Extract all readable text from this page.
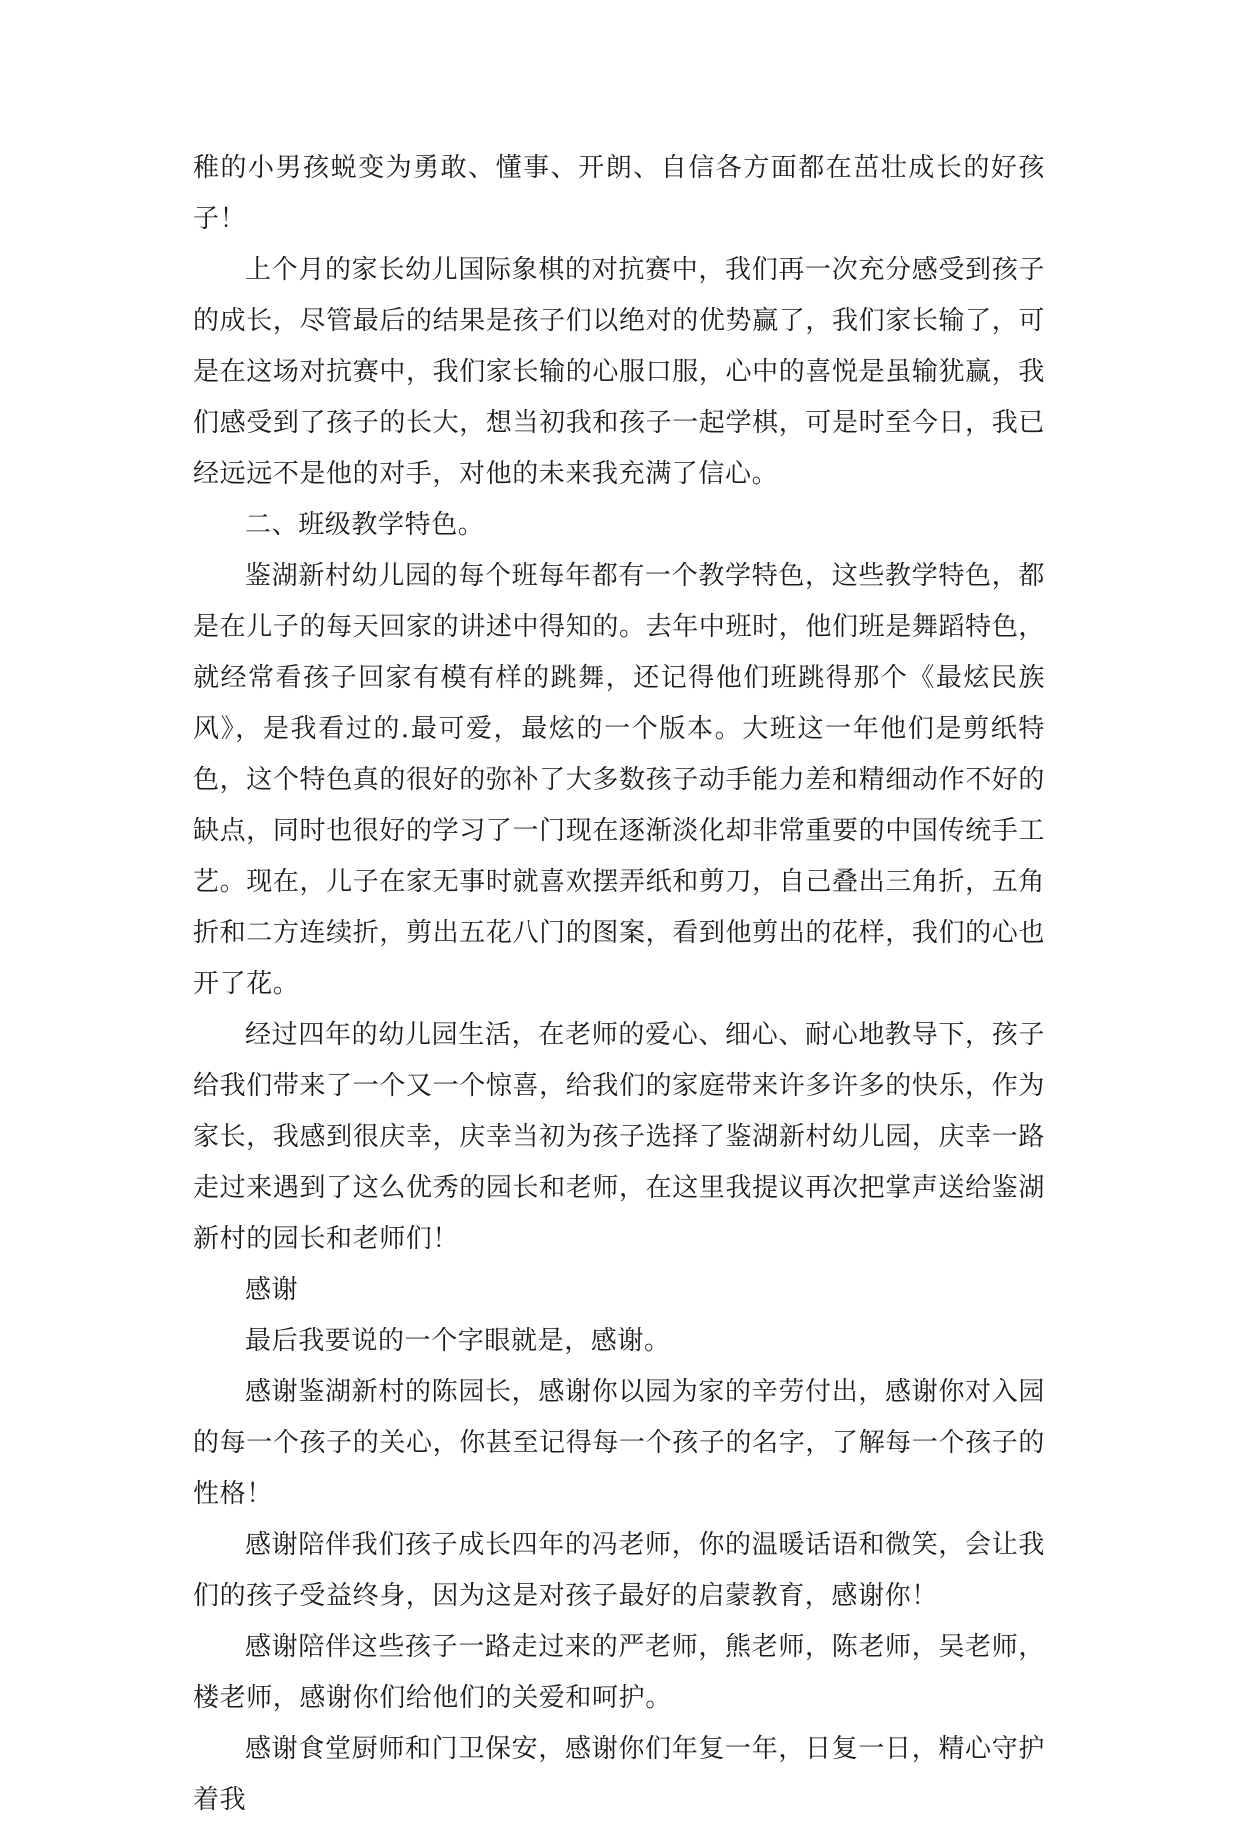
稚的小男孩蜕变为勇敢、懂事、开朗、自信各方面都在茁壮成长的好孩子！

上个月的家长幼儿国际象棋的对抗赛中，我们再一次充分感受到孩子的成长，尽管最后的结果是孩子们以绝对的优势赢了，我们家长输了，可是在这场对抗赛中，我们家长输的心服口服，心中的喜悦是虽输犹赢，我们感受到了孩子的长大，想当初我和孩子一起学棋，可是时至今日，我已经远远不是他的对手，对他的未来我充满了信心。

二、班级教学特色。

鉴湖新村幼儿园的每个班每年都有一个教学特色，这些教学特色，都是在儿子的每天回家的讲述中得知的。去年中班时，他们班是舞蹈特色，就经常看孩子回家有模有样的跳舞，还记得他们班跳得那个《最炫民族风》，是我看过的.最可爱，最炫的一个版本。大班这一年他们是剪纸特色，这个特色真的很好的弥补了大多数孩子动手能力差和精细动作不好的缺点，同时也很好的学习了一门现在逐渐淡化却非常重要的中国传统手工艺。现在，儿子在家无事时就喜欢摆弄纸和剪刀，自己叠出三角折，五角折和二方连续折，剪出五花八门的图案，看到他剪出的花样，我们的心也开了花。

经过四年的幼儿园生活，在老师的爱心、细心、耐心地教导下，孩子给我们带来了一个又一个惊喜，给我们的家庭带来许多许多的快乐，作为家长，我感到很庆幸，庆幸当初为孩子选择了鉴湖新村幼儿园，庆幸一路走过来遇到了这么优秀的园长和老师，在这里我提议再次把掌声送给鉴湖新村的园长和老师们！

感谢

最后我要说的一个字眼就是，感谢。

感谢鉴湖新村的陈园长，感谢你以园为家的辛劳付出，感谢你对入园的每一个孩子的关心，你甚至记得每一个孩子的名字，了解每一个孩子的性格！

感谢陪伴我们孩子成长四年的冯老师，你的温暖话语和微笑，会让我们的孩子受益终身，因为这是对孩子最好的启蒙教育，感谢你！

感谢陪伴这些孩子一路走过来的严老师，熊老师，陈老师，吴老师，楼老师，感谢你们给他们的关爱和呵护。

感谢食堂厨师和门卫保安，感谢你们年复一年，日复一日，精心守护着我
